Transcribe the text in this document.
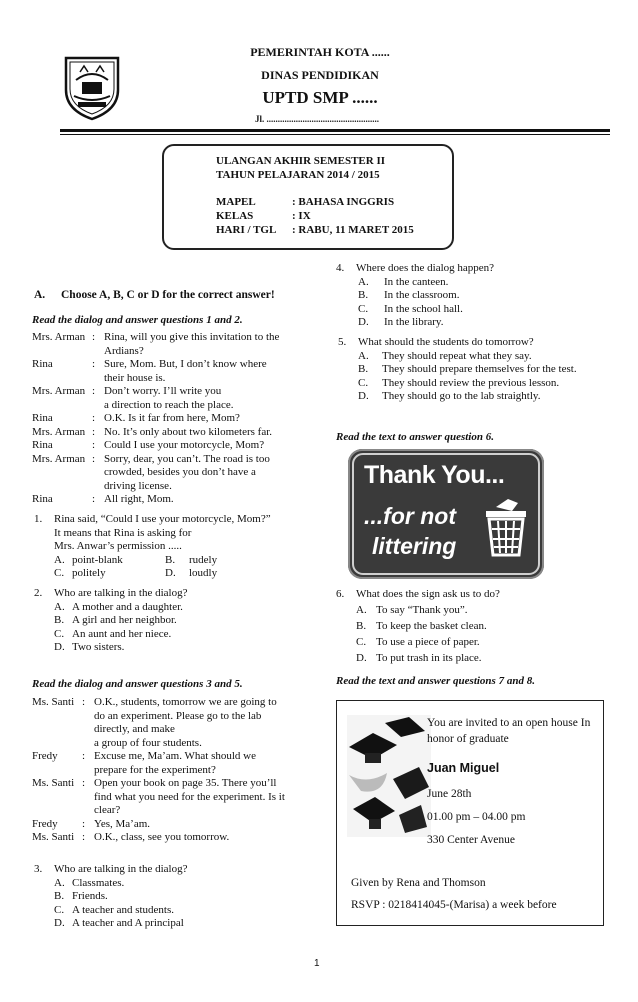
PEMERINTAH KOTA ......
DINAS PENDIDIKAN
UPTD SMP ......
Jl. ..................................................
ULANGAN AKHIR SEMESTER II
TAHUN PELAJARAN 2014 / 2015
MAPEL	: BAHASA INGGRIS
KELAS	: IX
HARI / TGL : RABU, 11 MARET 2015
A. Choose A, B, C or D for the correct answer!
Read the dialog and answer questions 1 and 2.
Mrs. Arman : Rina, will you give this invitation to the
Ardians?
Rina	: Sure, Mom. But, I don’t know where
their house is.
Mrs. Arman : Don’t worry. I’ll write you
a direction to reach the place.
Rina	: O.K. Is it far from here, Mom?
Mrs. Arman : No. It’s only about two kilometers far.
Rina	: Could I use your motorcycle, Mom?
Mrs. Arman : Sorry, dear, you can’t. The road is too
crowded, besides you don’t have a
driving license.
Rina	: All right, Mom.
1.	Rina said, “Could I use your motorcycle, Mom?”
It means that Rina is asking for
Mrs. Anwar’s permission .....
A. point-blank	B.	rudely
C. politely	D.	loudly
2.	Who are talking in the dialog?
A. A mother and a daughter.
B. A girl and her neighbor.
C. An aunt and her niece.
D. Two sisters.
Read the dialog and answer questions 3 and 5.
Ms. Santi : O.K., students, tomorrow we are going to
do an experiment. Please go to the lab
directly, and make
a group of four students.
Fredy	: Excuse me, Ma’am. What should we
prepare for the experiment?
Ms. Santi : Open your book on page 35. There you’ll
find what you need for the experiment. Is it
clear?
Fredy	: Yes, Ma’am.
Ms. Santi : O.K., class, see you tomorrow.
3.	Who are talking in the dialog?
A. Classmates.
B. Friends.
C. A teacher and students.
D. A teacher and A principal
4.	Where does the dialog happen?
A.	In the canteen.
B.	In the classroom.
C.	In the school hall.
D.	In the library.
5.	What should the students do tomorrow?
A.	They should repeat what they say.
B.	They should prepare themselves for the test.
C.	They should review the previous lesson.
D.	They should go to the lab straightly.
Read the text to answer question 6.
Thank You...
...for not
littering
6.	What does the sign ask us to do?
A. To say “Thank you”.
B. To keep the basket clean.
C. To use a piece of paper.
D. To put trash in its place.
Read the text and answer questions 7 and 8.
You are invited to an open house In
honor of graduate
Juan Miguel
June 28th
01.00 pm – 04.00 pm
330 Center Avenue
Given by Rena and Thomson
RSVP : 0218414045-(Marisa) a week before
1
